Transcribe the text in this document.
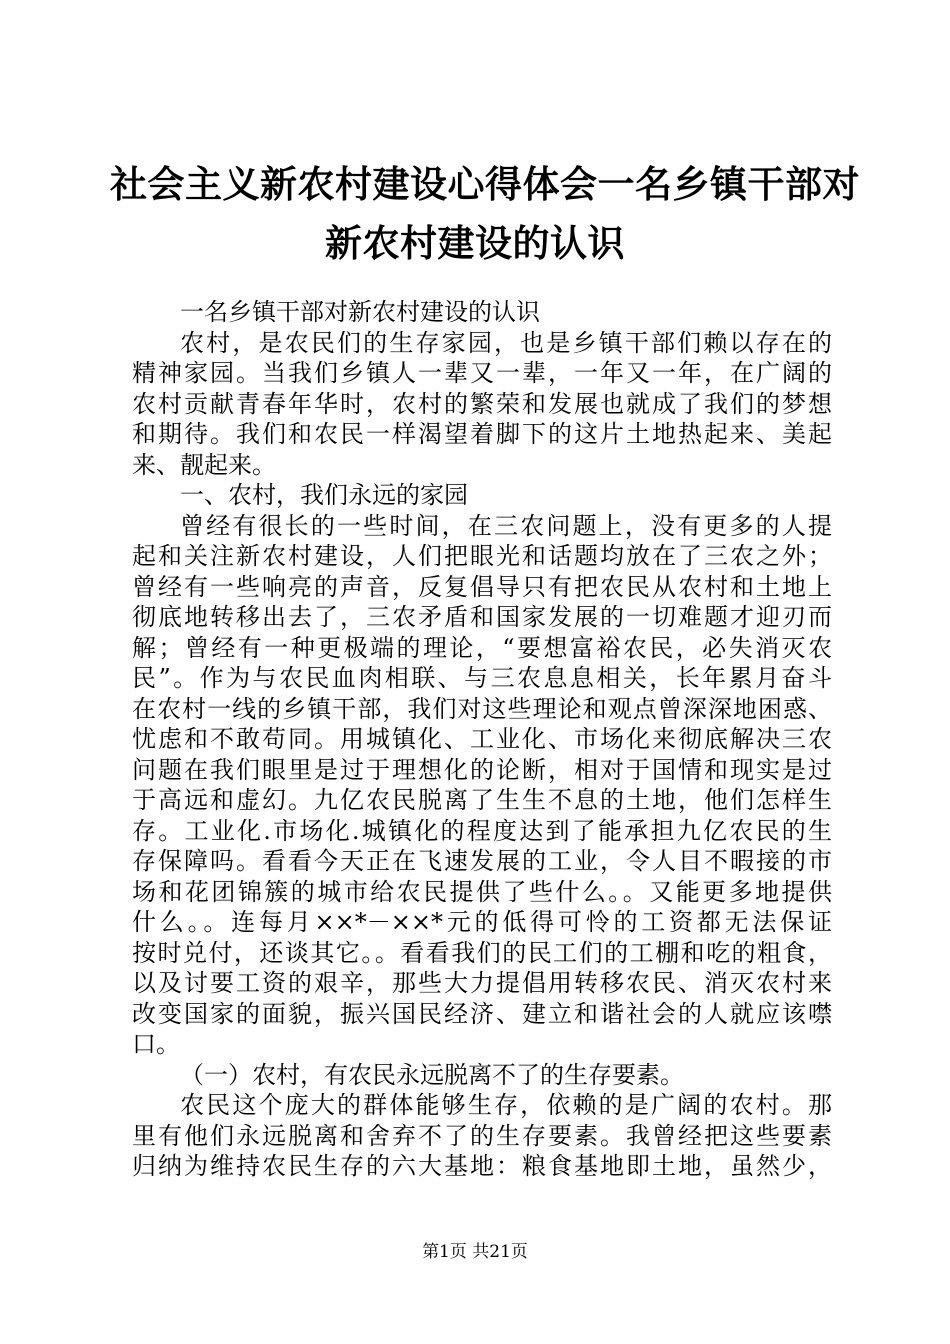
社会主义新农村建设心得体会一名乡镇干部对
新农村建设的认识
一名乡镇干部对新农村建设的认识
农村，是农民们的生存家园，也是乡镇干部们赖以存在的
精神家园。当我们乡镇人一辈又一辈，一年又一年，在广阔的
农村贡献青春年华时，农村的繁荣和发展也就成了我们的梦想
和期待。我们和农民一样渴望着脚下的这片土地热起来、美起
来、靓起来。
一、农村，我们永远的家园
曾经有很长的一些时间，在三农问题上，没有更多的人提
起和关注新农村建设，人们把眼光和话题均放在了三农之外；
曾经有一些响亮的声音，反复倡导只有把农民从农村和土地上
彻底地转移出去了，三农矛盾和国家发展的一切难题才迎刃而
解；曾经有一种更极端的理论，“要想富裕农民，必失消灭农
民”。作为与农民血肉相联、与三农息息相关，长年累月奋斗
在农村一线的乡镇干部，我们对这些理论和观点曾深深地困惑、
忧虑和不敢苟同。用城镇化、工业化、市场化来彻底解决三农
问题在我们眼里是过于理想化的论断，相对于国情和现实是过
于高远和虚幻。九亿农民脱离了生生不息的土地，他们怎样生
存。工业化.市场化.城镇化的程度达到了能承担九亿农民的生
存保障吗。看看今天正在飞速发展的工业，令人目不暇接的市
场和花团锦簇的城市给农民提供了些什么。。又能更多地提供
什么。。连每月××*－××*元的低得可怜的工资都无法保证
按时兑付，还谈其它。。看看我们的民工们的工棚和吃的粗食，
以及讨要工资的艰辛，那些大力提倡用转移农民、消灭农村来
改变国家的面貌，振兴国民经济、建立和谐社会的人就应该噤
口。
（一）农村，有农民永远脱离不了的生存要素。
农民这个庞大的群体能够生存，依赖的是广阔的农村。那
里有他们永远脱离和舍弃不了的生存要素。我曾经把这些要素
归纳为维持农民生存的六大基地：粮食基地即土地，虽然少，
第1页 共21页
